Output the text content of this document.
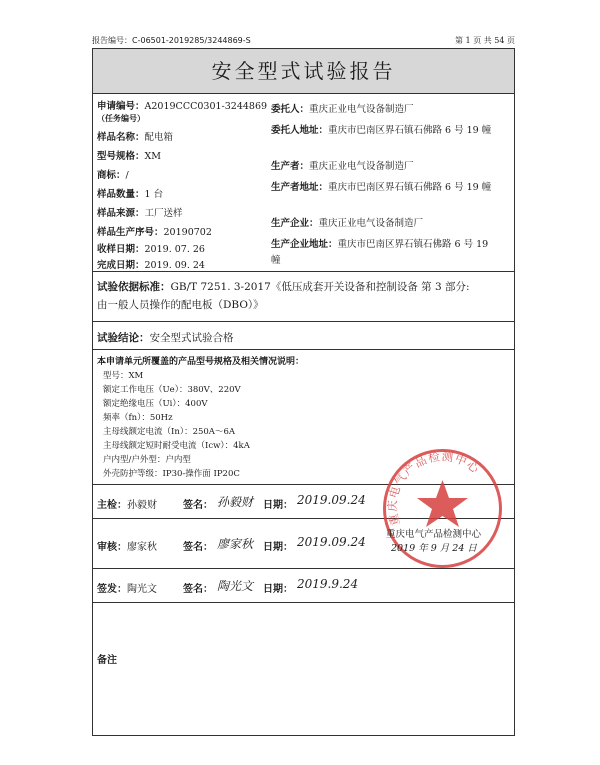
报告编号：C-06501-2019285/3244869-S	第 1 页 共 54 页
安全型式试验报告
申请编号：A2019CCC0301-3244869
（任务编号）
样品名称：配电箱
型号规格：XM
商标：/
样品数量：1 台
样品来源：工厂送样
样品生产序号：20190702
收样日期：2019. 07. 26
完成日期：2019. 09. 24
委托人：重庆正业电气设备制造厂
委托人地址：重庆市巴南区界石镇石佛路 6 号 19 幢
生产者：重庆正业电气设备制造厂
生产者地址：重庆市巴南区界石镇石佛路 6 号 19 幢
生产企业：重庆正业电气设备制造厂
生产企业地址：重庆市巴南区界石镇石佛路 6 号 19
幢
试验依据标准：GB/T 7251. 3-2017《低压成套开关设备和控制设备 第 3 部分:
由一般人员操作的配电板（DBO）》
试验结论：安全型式试验合格
本申请单元所覆盖的产品型号规格及相关情况说明：
型号：XM
额定工作电压（Ue）：380V、220V
额定绝缘电压（Ui）：400V
频率（fn）：50Hz
主母线额定电流（In）：250A～6A
主母线额定短时耐受电流（Icw）：4kA
户内型/户外型：户内型
外壳防护等级：IP30-操作面 IP20C
主检：孙毅财	签名： 孙毅财 日期： 2019.09.24
审核：廖家秋	签名： 廖家秋 日期： 2019.09.24
签发：陶光文	签名： 陶光文 日期： 2019.9.24
备注
重庆电气产品检测中心
重庆电气产品检测中心
2019 年 9 月 24 日
